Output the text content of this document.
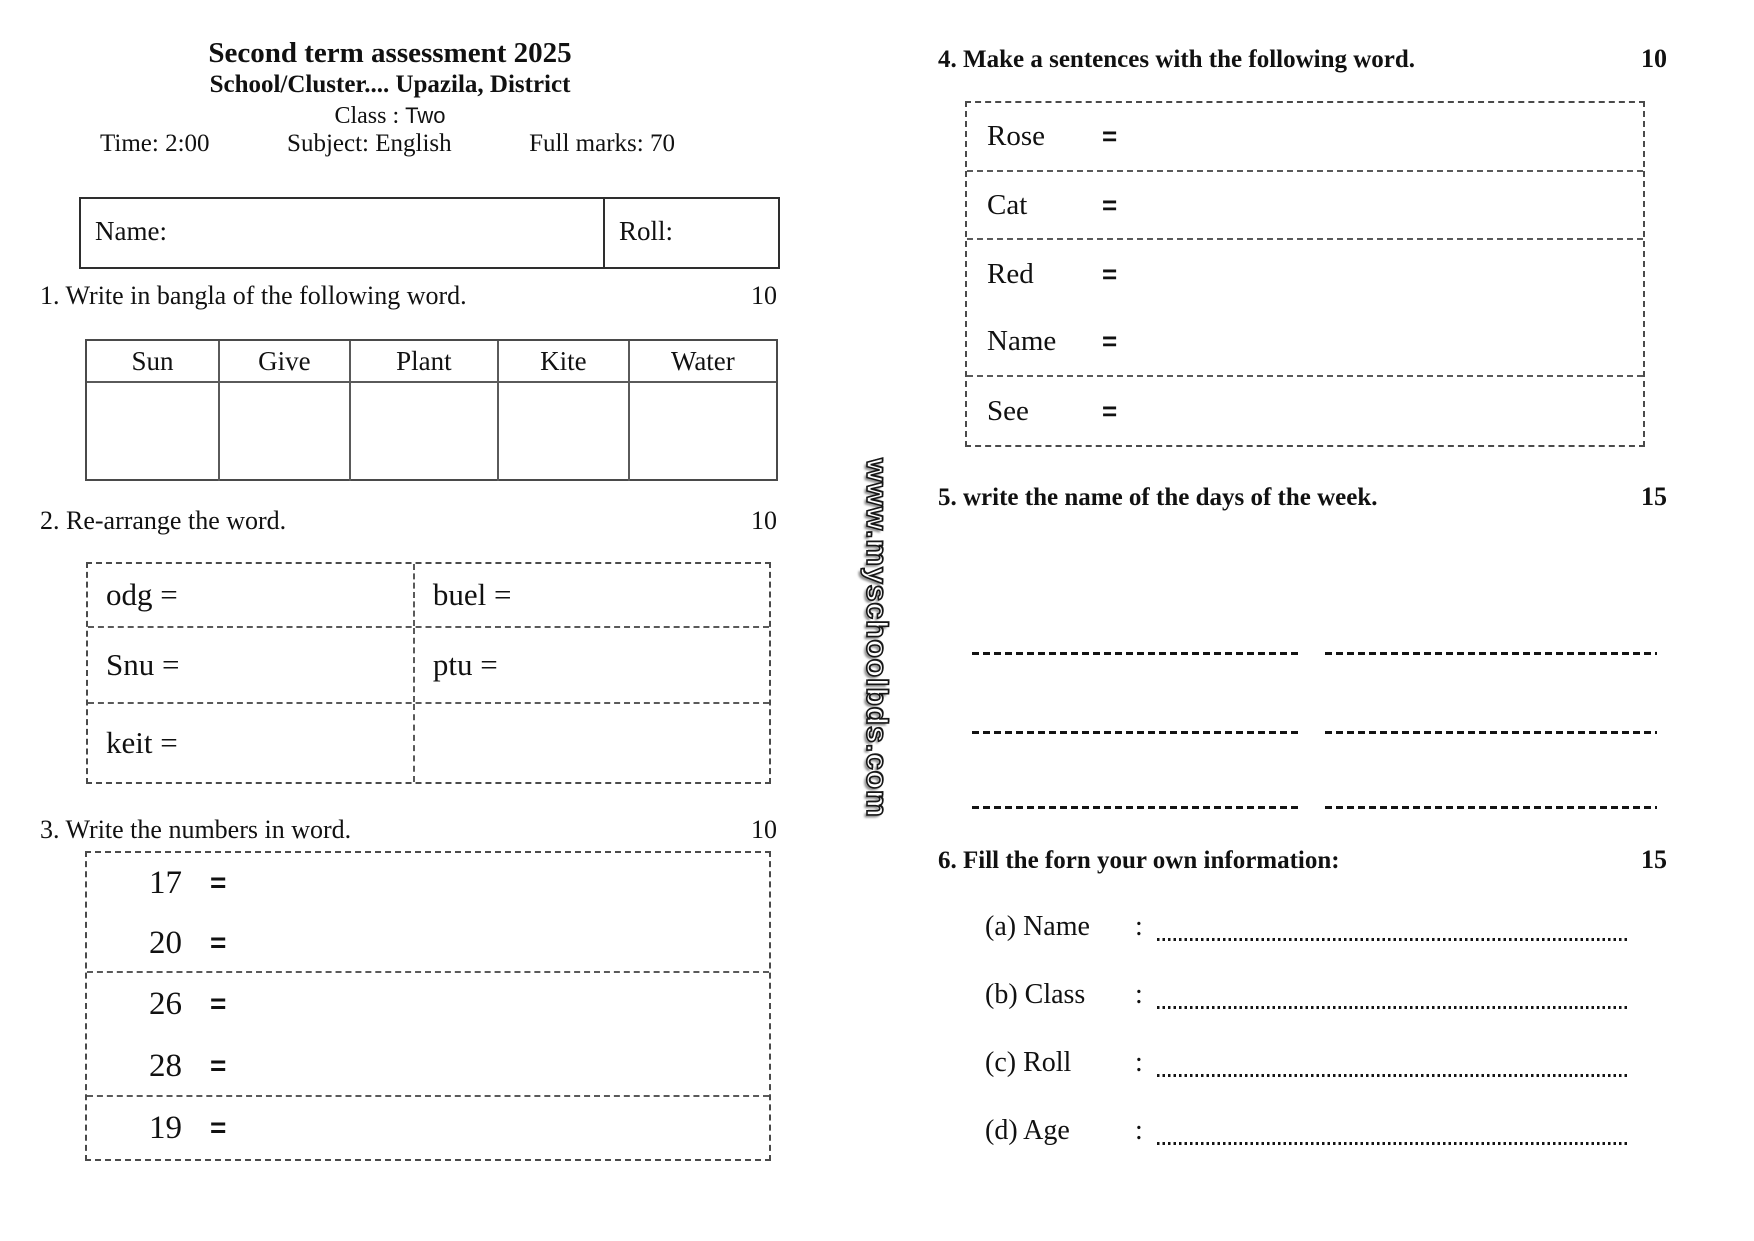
Second term assessment 2025
School/Cluster.... Upazila, District
Class : Two
Time: 2:00	Subject: English	Full marks: 70
Name:	Roll:
1. Write in bangla of the following word.	10
Sun	Give	Plant	Kite	Water
2. Re-arrange the word.	10
odg =	buel =
Snu =	ptu =
keit =
3. Write the numbers in word.	10
17 =
20 =
26 =
28 =
19 =
4. Make a sentences with the following word.	10
Rose	=
Cat	=
Red	=
Name	=
See	=
www.myschoolbds.com 5. write the name of the days of the week.	15
6. Fill the forn your own information:	15
(a) Name	:
(b) Class	:
(c) Roll	:
(d) Age	:
